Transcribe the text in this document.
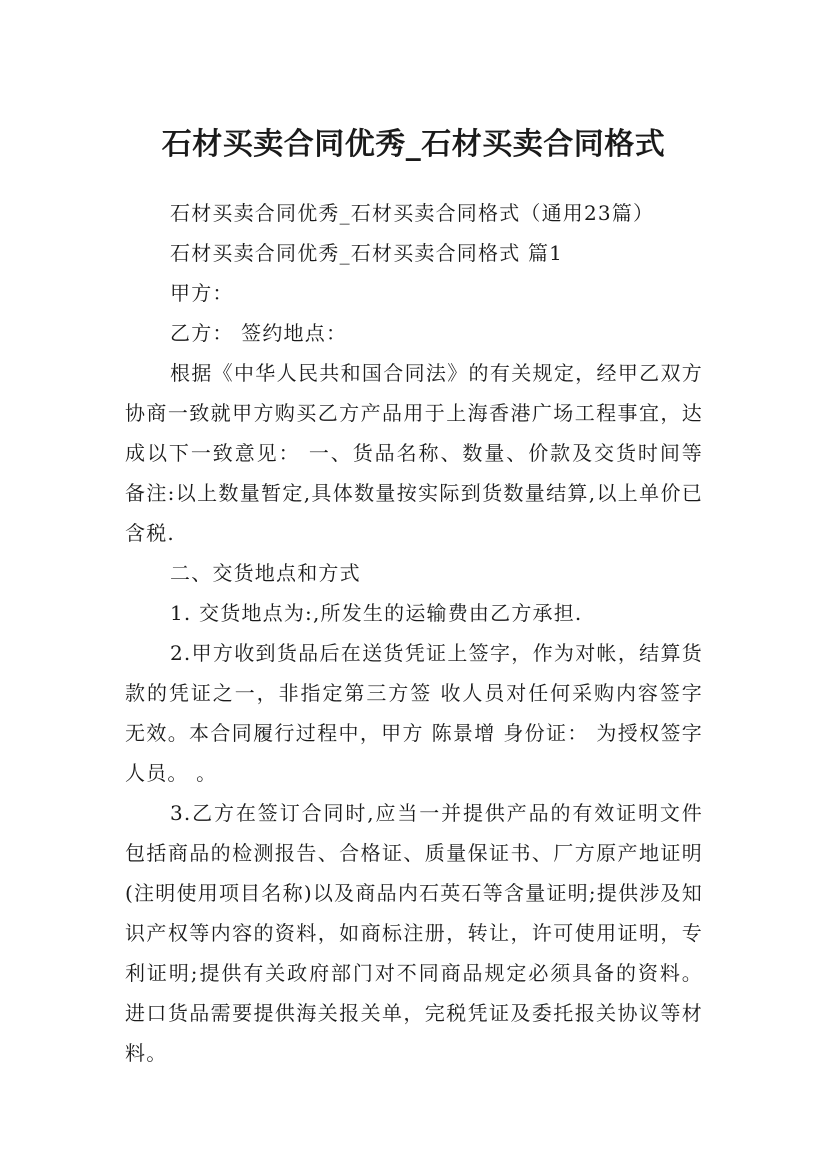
石材买卖合同优秀_石材买卖合同格式

石材买卖合同优秀_石材买卖合同格式（通用23篇）

石材买卖合同优秀_石材买卖合同格式 篇1

甲方：

乙方： 签约地点：

根据《中华人民共和国合同法》的有关规定，经甲乙双方协商一致就甲方购买乙方产品用于上海香港广场工程事宜，达成以下一致意见： 一、货品名称、数量、价款及交货时间等 备注:以上数量暂定,具体数量按实际到货数量结算,以上单价已含税.

二、交货地点和方式

1. 交货地点为:,所发生的运输费由乙方承担.

2.甲方收到货品后在送货凭证上签字，作为对帐，结算货款的凭证之一，非指定第三方签 收人员对任何采购内容签字无效。本合同履行过程中，甲方 陈景增 身份证： 为授权签字人员。 。

3.乙方在签订合同时,应当一并提供产品的有效证明文件包括商品的检测报告、合格证、质量保证书、厂方原产地证明(注明使用项目名称)以及商品内石英石等含量证明;提供涉及知识产权等内容的资料，如商标注册，转让，许可使用证明，专利证明;提供有关政府部门对不同商品规定必须具备的资料。进口货品需要提供海关报关单，完税凭证及委托报关协议等材料。
